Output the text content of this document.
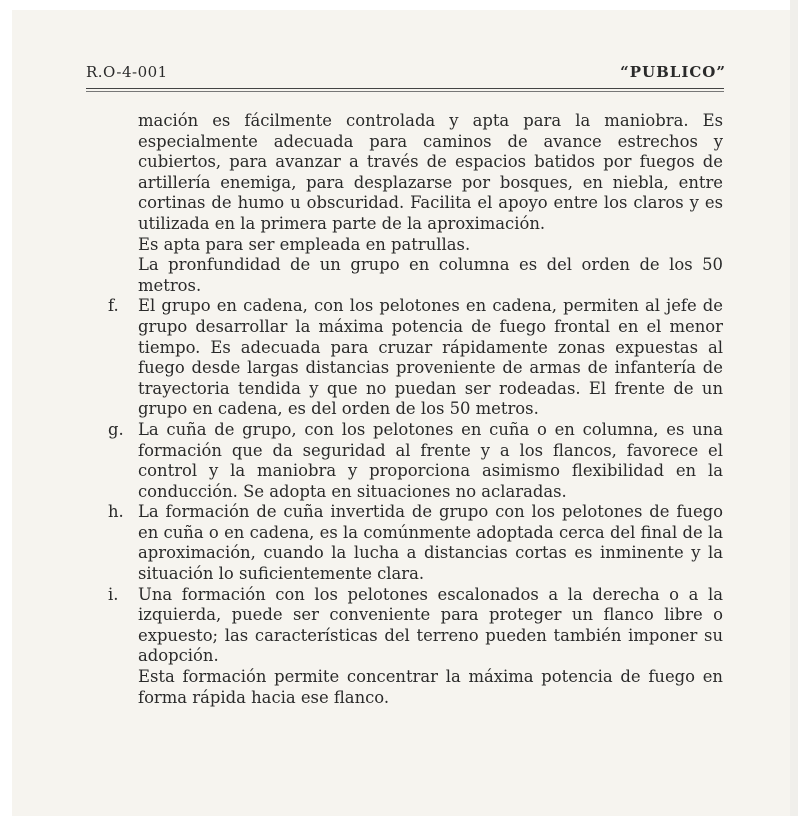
R.O-4-001	“PUBLICO”

mación es fácilmente controlada y apta para la maniobra. Es especialmente adecuada para caminos de avance estrechos y cubiertos, para avanzar a través de espacios batidos por fuegos de artillería enemiga, para desplazarse por bosques, en niebla, entre cortinas de humo u obscuridad. Facilita el apoyo entre los claros y es utilizada en la primera parte de la aproximación.

Es apta para ser empleada en patrullas.

La pronfundidad de un grupo en columna es del orden de los 50 metros.

f. El grupo en cadena, con los pelotones en cadena, permiten al jefe de grupo desarrollar la máxima potencia de fuego frontal en el menor tiempo. Es adecuada para cruzar rápidamente zonas expuestas al fuego desde largas distancias proveniente de armas de infantería de trayectoria tendida y que no puedan ser rodeadas. El frente de un grupo en cadena, es del orden de los 50 metros.
g. La cuña de grupo, con los pelotones en cuña o en columna, es una formación que da seguridad al frente y a los flancos, favorece el control y la maniobra y proporciona asimismo flexibilidad en la conducción. Se adopta en situaciones no aclaradas.
h. La formación de cuña invertida de grupo con los pelotones de fuego en cuña o en cadena, es la comúnmente adoptada cerca del final de la aproximación, cuando la lucha a distancias cortas es inminente y la situación lo suficientemente clara.
i. Una formación con los pelotones escalonados a la derecha o a la izquierda, puede ser conveniente para proteger un flanco libre o expuesto; las características del terreno pueden también imponer su adopción.

Esta formación permite concentrar la máxima potencia de fuego en forma rápida hacia ese flanco.
